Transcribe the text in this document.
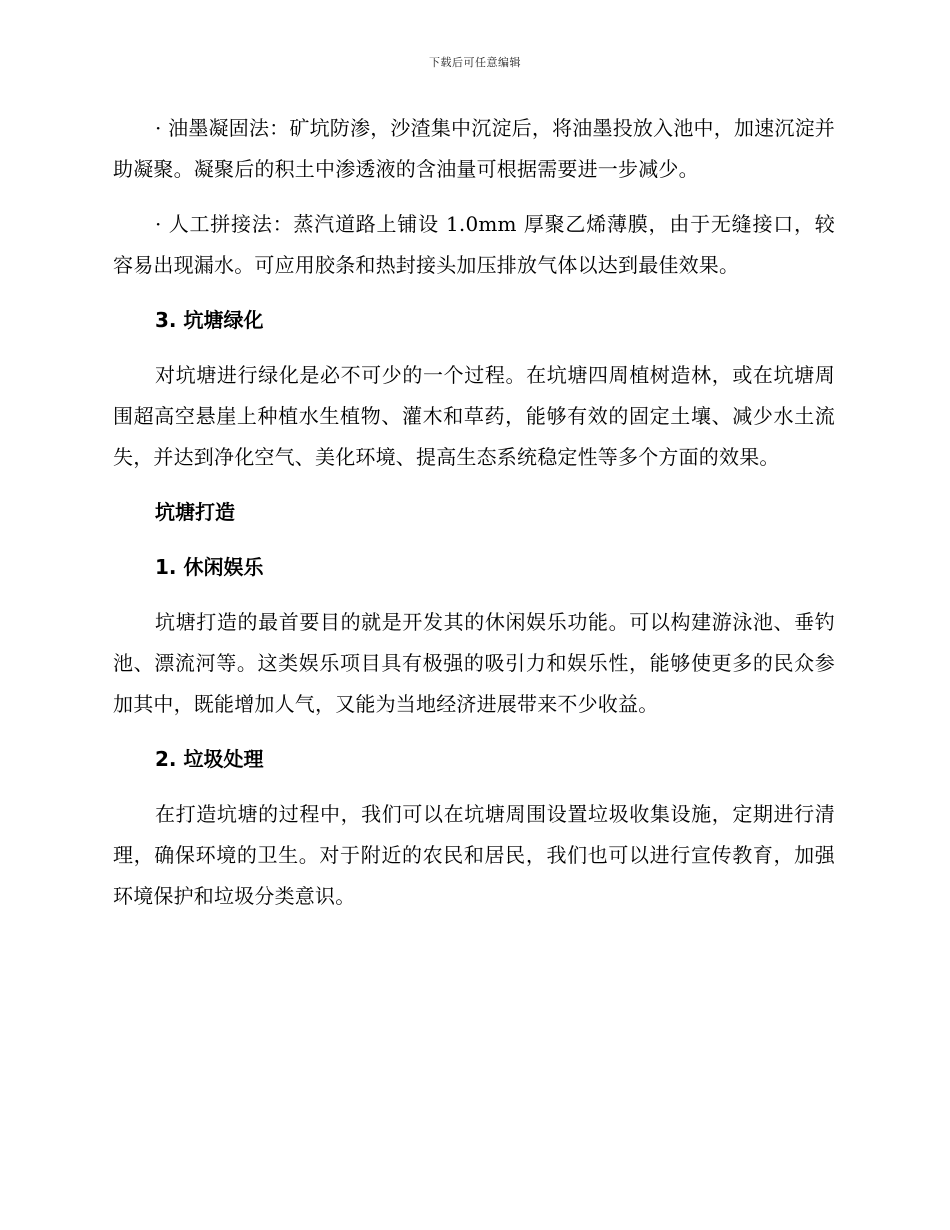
下载后可任意编辑

· 油墨凝固法：矿坑防渗，沙渣集中沉淀后，将油墨投放入池中，加速沉淀并助凝聚。凝聚后的积土中渗透液的含油量可根据需要进一步减少。

· 人工拼接法：蒸汽道路上铺设 1.0mm 厚聚乙烯薄膜，由于无缝接口，较容易出现漏水。可应用胶条和热封接头加压排放气体以达到最佳效果。

3. 坑塘绿化

对坑塘进行绿化是必不可少的一个过程。在坑塘四周植树造林，或在坑塘周围超高空悬崖上种植水生植物、灌木和草药，能够有效的固定土壤、减少水土流失，并达到净化空气、美化环境、提高生态系统稳定性等多个方面的效果。

坑塘打造
1. 休闲娱乐

坑塘打造的最首要目的就是开发其的休闲娱乐功能。可以构建游泳池、垂钓池、漂流河等。这类娱乐项目具有极强的吸引力和娱乐性，能够使更多的民众参加其中，既能增加人气，又能为当地经济进展带来不少收益。

2. 垃圾处理

在打造坑塘的过程中，我们可以在坑塘周围设置垃圾收集设施，定期进行清理，确保环境的卫生。对于附近的农民和居民，我们也可以进行宣传教育，加强环境保护和垃圾分类意识。
